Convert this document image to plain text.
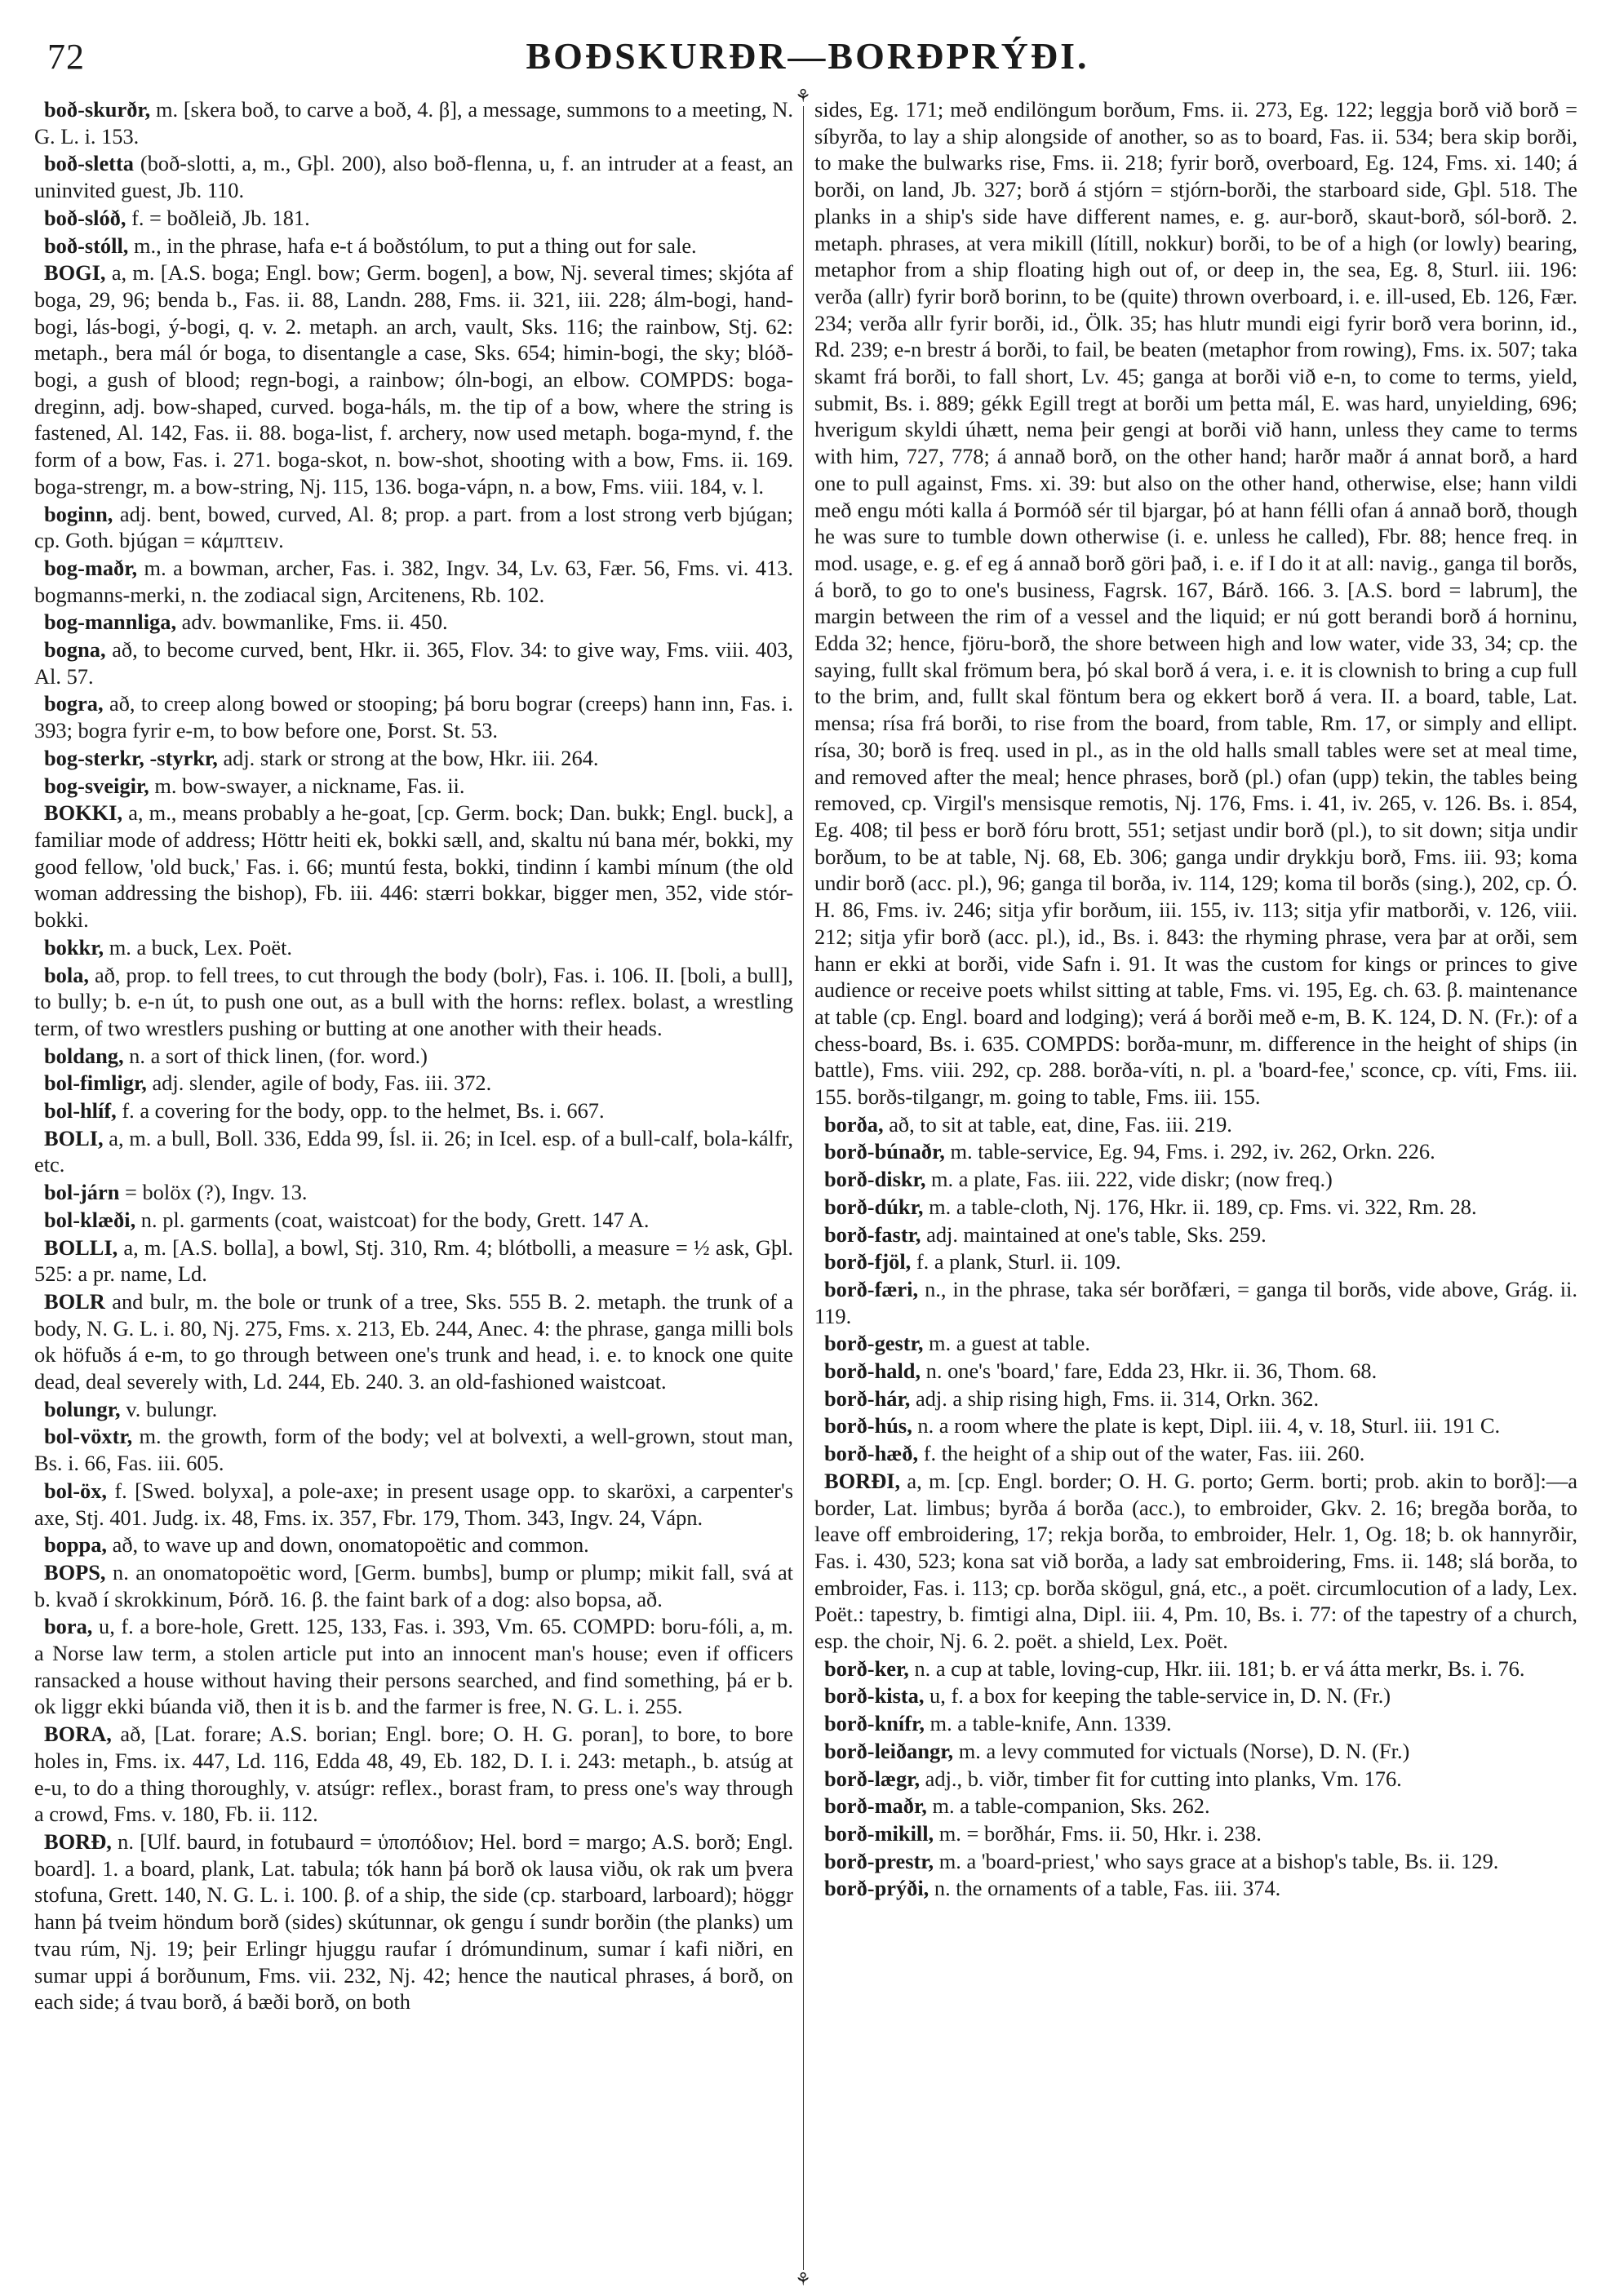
72	BOÐSKURÐR—BORÐPRÝÐI.

boð-skurðr, m. [skera boð, to carve a boð, 4. β], a message, summons to a meeting, N. G. L. i. 153.

boð-sletta (boð-slotti, a, m., Gþl. 200), also boð-flenna, u, f. an intruder at a feast, an uninvited guest, Jb. 110.

boð-slóð, f. = boðleið, Jb. 181.

boð-stóll, m., in the phrase, hafa e-t á boðstólum, to put a thing out for sale.

BOGI, a, m. [A.S. boga; Engl. bow; Germ. bogen], a bow, Nj. several times; skjóta af boga, 29, 96; benda b., Fas. ii. 88, Landn. 288, Fms. ii. 321, iii. 228; álm-bogi, hand-bogi, lás-bogi, ý-bogi, q. v. 2. metaph. an arch, vault, Sks. 116; the rainbow, Stj. 62: metaph., bera mál ór boga, to disentangle a case, Sks. 654; himin-bogi, the sky; blóð-bogi, a gush of blood; regn-bogi, a rainbow; óln-bogi, an elbow. COMPDS: boga-dreginn, adj. bow-shaped, curved. boga-háls, m. the tip of a bow, where the string is fastened, Al. 142, Fas. ii. 88. boga-list, f. archery, now used metaph. boga-mynd, f. the form of a bow, Fas. i. 271. boga-skot, n. bow-shot, shooting with a bow, Fms. ii. 169. boga-strengr, m. a bow-string, Nj. 115, 136. boga-vápn, n. a bow, Fms. viii. 184, v. l.

boginn, adj. bent, bowed, curved, Al. 8; prop. a part. from a lost strong verb bjúgan; cp. Goth. bjúgan = κάμπτειν.

bog-maðr, m. a bowman, archer, Fas. i. 382, Ingv. 34, Lv. 63, Fær. 56, Fms. vi. 413. bogmanns-merki, n. the zodiacal sign, Arcitenens, Rb. 102.

bog-mannliga, adv. bowmanlike, Fms. ii. 450.

bogna, að, to become curved, bent, Hkr. ii. 365, Flov. 34: to give way, Fms. viii. 403, Al. 57.

bogra, að, to creep along bowed or stooping; þá boru bograr (creeps) hann inn, Fas. i. 393; bogra fyrir e-m, to bow before one, Þorst. St. 53.

bog-sterkr, -styrkr, adj. stark or strong at the bow, Hkr. iii. 264.

bog-sveigir, m. bow-swayer, a nickname, Fas. ii.

BOKKI, a, m., means probably a he-goat, [cp. Germ. bock; Dan. bukk; Engl. buck], a familiar mode of address; Höttr heiti ek, bokki sæll, and, skaltu nú bana mér, bokki, my good fellow, 'old buck,' Fas. i. 66; muntú festa, bokki, tindinn í kambi mínum (the old woman addressing the bishop), Fb. iii. 446: stærri bokkar, bigger men, 352, vide stór-bokki.

bokkr, m. a buck, Lex. Poët.

bola, að, prop. to fell trees, to cut through the body (bolr), Fas. i. 106. II. [boli, a bull], to bully; b. e-n út, to push one out, as a bull with the horns: reflex. bolast, a wrestling term, of two wrestlers pushing or butting at one another with their heads.

boldang, n. a sort of thick linen, (for. word.)

bol-fimligr, adj. slender, agile of body, Fas. iii. 372.

bol-hlíf, f. a covering for the body, opp. to the helmet, Bs. i. 667.

BOLI, a, m. a bull, Boll. 336, Edda 99, Ísl. ii. 26; in Icel. esp. of a bull-calf, bola-kálfr, etc.

bol-járn = bolöx (?), Ingv. 13.

bol-klæði, n. pl. garments (coat, waistcoat) for the body, Grett. 147 A.

BOLLI, a, m. [A.S. bolla], a bowl, Stj. 310, Rm. 4; blótbolli, a measure = ½ ask, Gþl. 525: a pr. name, Ld.

BOLR and bulr, m. the bole or trunk of a tree, Sks. 555 B. 2. metaph. the trunk of a body, N. G. L. i. 80, Nj. 275, Fms. x. 213, Eb. 244, Anec. 4: the phrase, ganga milli bols ok höfuðs á e-m, to go through between one's trunk and head, i. e. to knock one quite dead, deal severely with, Ld. 244, Eb. 240. 3. an old-fashioned waistcoat.

bolungr, v. bulungr.

bol-vöxtr, m. the growth, form of the body; vel at bolvexti, a well-grown, stout man, Bs. i. 66, Fas. iii. 605.

bol-öx, f. [Swed. bolyxa], a pole-axe; in present usage opp. to skaröxi, a carpenter's axe, Stj. 401. Judg. ix. 48, Fms. ix. 357, Fbr. 179, Thom. 343, Ingv. 24, Vápn.

boppa, að, to wave up and down, onomatopoëtic and common.

BOPS, n. an onomatopoëtic word, [Germ. bumbs], bump or plump; mikit fall, svá at b. kvað í skrokkinum, Þórð. 16. β. the faint bark of a dog: also bopsa, að.

bora, u, f. a bore-hole, Grett. 125, 133, Fas. i. 393, Vm. 65. COMPD: boru-fóli, a, m. a Norse law term, a stolen article put into an innocent man's house; even if officers ransacked a house without having their persons searched, and find something, þá er b. ok liggr ekki búanda við, then it is b. and the farmer is free, N. G. L. i. 255.

BORA, að, [Lat. forare; A.S. borian; Engl. bore; O. H. G. poran], to bore, to bore holes in, Fms. ix. 447, Ld. 116, Edda 48, 49, Eb. 182, D. I. i. 243: metaph., b. atsúg at e-u, to do a thing thoroughly, v. atsúgr: reflex., borast fram, to press one's way through a crowd, Fms. v. 180, Fb. ii. 112.

BORÐ, n. [Ulf. baurd, in fotubaurd = ὑποπόδιον; Hel. bord = margo; A.S. borð; Engl. board]. 1. a board, plank, Lat. tabula; tók hann þá borð ok lausa viðu, ok rak um þvera stofuna, Grett. 140, N. G. L. i. 100. β. of a ship, the side (cp. starboard, larboard); höggr hann þá tveim höndum borð (sides) skútunnar, ok gengu í sundr borðin (the planks) um tvau rúm, Nj. 19; þeir Erlingr hjuggu raufar í drómundinum, sumar í kafi niðri, en sumar uppi á borðunum, Fms. vii. 232, Nj. 42; hence the nautical phrases, á borð, on each side; á tvau borð, á bæði borð, on both

⚘
⚘

sides, Eg. 171; með endilöngum borðum, Fms. ii. 273, Eg. 122; leggja borð við borð = síbyrða, to lay a ship alongside of another, so as to board, Fas. ii. 534; bera skip borði, to make the bulwarks rise, Fms. ii. 218; fyrir borð, overboard, Eg. 124, Fms. xi. 140; á borði, on land, Jb. 327; borð á stjórn = stjórn-borði, the starboard side, Gþl. 518. The planks in a ship's side have different names, e. g. aur-borð, skaut-borð, sól-borð. 2. metaph. phrases, at vera mikill (lítill, nokkur) borði, to be of a high (or lowly) bearing, metaphor from a ship floating high out of, or deep in, the sea, Eg. 8, Sturl. iii. 196: verða (allr) fyrir borð borinn, to be (quite) thrown overboard, i. e. ill-used, Eb. 126, Fær. 234; verða allr fyrir borði, id., Ölk. 35; has hlutr mundi eigi fyrir borð vera borinn, id., Rd. 239; e-n brestr á borði, to fail, be beaten (metaphor from rowing), Fms. ix. 507; taka skamt frá borði, to fall short, Lv. 45; ganga at borði við e-n, to come to terms, yield, submit, Bs. i. 889; gékk Egill tregt at borði um þetta mál, E. was hard, unyielding, 696; hverigum skyldi úhætt, nema þeir gengi at borði við hann, unless they came to terms with him, 727, 778; á annað borð, on the other hand; harðr maðr á annat borð, a hard one to pull against, Fms. xi. 39: but also on the other hand, otherwise, else; hann vildi með engu móti kalla á Þormóð sér til bjargar, þó at hann félli ofan á annað borð, though he was sure to tumble down otherwise (i. e. unless he called), Fbr. 88; hence freq. in mod. usage, e. g. ef eg á annað borð göri það, i. e. if I do it at all: navig., ganga til borðs, á borð, to go to one's business, Fagrsk. 167, Bárð. 166. 3. [A.S. bord = labrum], the margin between the rim of a vessel and the liquid; er nú gott berandi borð á horninu, Edda 32; hence, fjöru-borð, the shore between high and low water, vide 33, 34; cp. the saying, fullt skal frömum bera, þó skal borð á vera, i. e. it is clownish to bring a cup full to the brim, and, fullt skal föntum bera og ekkert borð á vera. II. a board, table, Lat. mensa; rísa frá borði, to rise from the board, from table, Rm. 17, or simply and ellipt. rísa, 30; borð is freq. used in pl., as in the old halls small tables were set at meal time, and removed after the meal; hence phrases, borð (pl.) ofan (upp) tekin, the tables being removed, cp. Virgil's mensisque remotis, Nj. 176, Fms. i. 41, iv. 265, v. 126. Bs. i. 854, Eg. 408; til þess er borð fóru brott, 551; setjast undir borð (pl.), to sit down; sitja undir borðum, to be at table, Nj. 68, Eb. 306; ganga undir drykkju borð, Fms. iii. 93; koma undir borð (acc. pl.), 96; ganga til borða, iv. 114, 129; koma til borðs (sing.), 202, cp. Ó. H. 86, Fms. iv. 246; sitja yfir borðum, iii. 155, iv. 113; sitja yfir matborði, v. 126, viii. 212; sitja yfir borð (acc. pl.), id., Bs. i. 843: the rhyming phrase, vera þar at orði, sem hann er ekki at borði, vide Safn i. 91. It was the custom for kings or princes to give audience or receive poets whilst sitting at table, Fms. vi. 195, Eg. ch. 63. β. maintenance at table (cp. Engl. board and lodging); verá á borði með e-m, B. K. 124, D. N. (Fr.): of a chess-board, Bs. i. 635. COMPDS: borða-munr, m. difference in the height of ships (in battle), Fms. viii. 292, cp. 288. borða-víti, n. pl. a 'board-fee,' sconce, cp. víti, Fms. iii. 155. borðs-tilgangr, m. going to table, Fms. iii. 155.

borða, að, to sit at table, eat, dine, Fas. iii. 219.

borð-búnaðr, m. table-service, Eg. 94, Fms. i. 292, iv. 262, Orkn. 226.

borð-diskr, m. a plate, Fas. iii. 222, vide diskr; (now freq.)

borð-dúkr, m. a table-cloth, Nj. 176, Hkr. ii. 189, cp. Fms. vi. 322, Rm. 28.

borð-fastr, adj. maintained at one's table, Sks. 259.

borð-fjöl, f. a plank, Sturl. ii. 109.

borð-færi, n., in the phrase, taka sér borðfæri, = ganga til borðs, vide above, Grág. ii. 119.

borð-gestr, m. a guest at table.

borð-hald, n. one's 'board,' fare, Edda 23, Hkr. ii. 36, Thom. 68.

borð-hár, adj. a ship rising high, Fms. ii. 314, Orkn. 362.

borð-hús, n. a room where the plate is kept, Dipl. iii. 4, v. 18, Sturl. iii. 191 C.

borð-hæð, f. the height of a ship out of the water, Fas. iii. 260.

BORÐI, a, m. [cp. Engl. border; O. H. G. porto; Germ. borti; prob. akin to borð]:—a border, Lat. limbus; byrða á borða (acc.), to embroider, Gkv. 2. 16; bregða borða, to leave off embroidering, 17; rekja borða, to embroider, Helr. 1, Og. 18; b. ok hannyrðir, Fas. i. 430, 523; kona sat við borða, a lady sat embroidering, Fms. ii. 148; slá borða, to embroider, Fas. i. 113; cp. borða skögul, gná, etc., a poët. circumlocution of a lady, Lex. Poët.: tapestry, b. fimtigi alna, Dipl. iii. 4, Pm. 10, Bs. i. 77: of the tapestry of a church, esp. the choir, Nj. 6. 2. poët. a shield, Lex. Poët.

borð-ker, n. a cup at table, loving-cup, Hkr. iii. 181; b. er vá átta merkr, Bs. i. 76.

borð-kista, u, f. a box for keeping the table-service in, D. N. (Fr.)

borð-knífr, m. a table-knife, Ann. 1339.

borð-leiðangr, m. a levy commuted for victuals (Norse), D. N. (Fr.)

borð-lægr, adj., b. viðr, timber fit for cutting into planks, Vm. 176.

borð-maðr, m. a table-companion, Sks. 262.

borð-mikill, m. = borðhár, Fms. ii. 50, Hkr. i. 238.

borð-prestr, m. a 'board-priest,' who says grace at a bishop's table, Bs. ii. 129.

borð-prýði, n. the ornaments of a table, Fas. iii. 374.
